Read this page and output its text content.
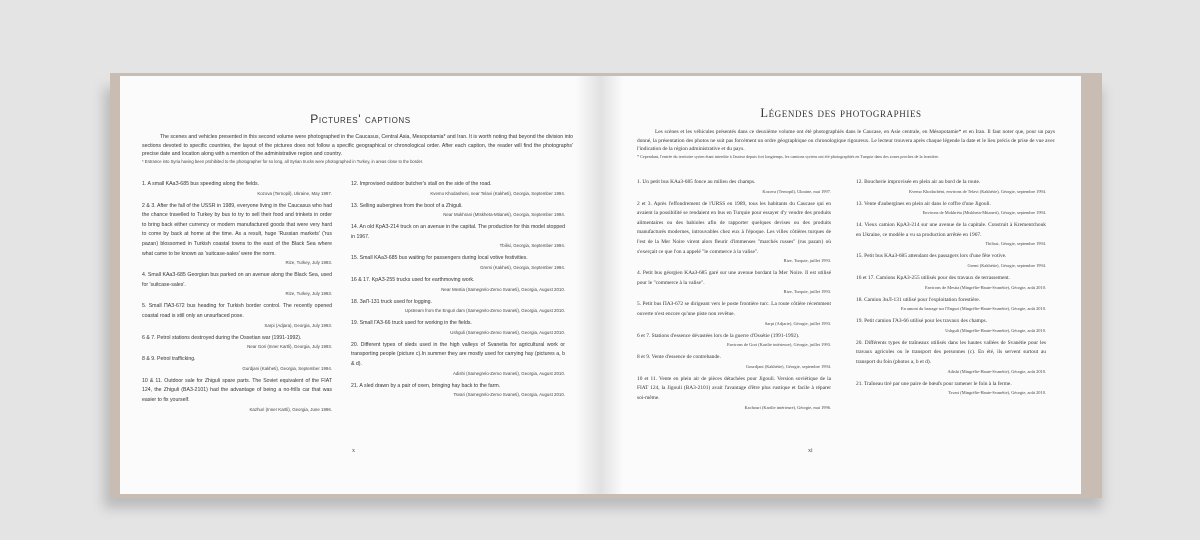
Pictures' captions
The scenes and vehicles presented in this second volume were photographed in the Caucasus, Central Asia, Mesopotamia* and Iran. It is worth noting that beyond the division into sections devoted to specific countries, the layout of the pictures does not follow a specific geographical or chronological order. After each caption, the reader will find the photographs' precise date and location along with a mention of the administrative region and country.
* Entrance into Syria having been prohibited to the photographer for so long, all Syrian trucks were photographed in Turkey, in areas close to the border.
1. A small KAaЗ-685 bus speeding along the fields.
Kozova (Ternopil), Ukraine, May 1997.
2 & 3. After the fall of the USSR in 1989, everyone living in the Caucasus who had the chance travelled to Turkey by bus to try to sell their food and trinkets in order to bring back either currency or modern manufactured goods that were very hard to come by back at home at the time. As a result, huge 'Russian markets' ('rus pazarı) blossomed in Turkish coastal towns to the east of the Black Sea where what came to be known as 'suitcase-sales' were the norm.
Rize, Turkey, July 1993.
4. Small KAaЗ-685 Georgian bus parked on an avenue along the Black Sea, used for 'suitcase-sales'.
Rize, Turkey, July 1993.
5. Small ПАЗ-672 bus heading for Turkish border control. The recently opened coastal road is still only an unsurfaced pose.
Sarpi (Adjara), Georgia, July 1993.
6 & 7. Petrol stations destroyed during the Ossetian war (1991-1992).
Near Gori (Inner Kartli), Georgia, July 1993.
8 & 9. Petrol trafficking.
Gurdjani (Kakheti), Georgia, September 1994.
10 & 11. Outdoor sale for Zhiguli spare parts. The Soviet equivalent of the FIAT 124, the Zhiguli (BA3-2101) had the advantage of being a no-frills car that was easier to fix yourself.
Kazhuri (Inner Kartli), Georgia, June 1996.
12. Improvised outdoor butcher's stall on the side of the road.
Kvemo Khodasheni, near Telavi (Kakheti), Georgia, September 1994.
13. Selling aubergines from the boot of a Zhiguli.
Near Mukhrani (Mtskheta-Mtianeti), Georgia, September 1994.
14. An old KpAЗ-214 truck on an avenue in the capital. The production for this model stopped in 1967.
Tbilisi, Georgia, September 1994.
15. Small KAaЗ-685 bus waiting for passengers during local votive festivities.
Gremi (Kakheti), Georgia, September 1994.
16 & 17. KpAЗ-255 trucks used for earthmoving work.
Near Mestia (Samegrelo-Zemo Svaneti), Georgia, August 2010.
18. ЗиЛ-131 truck used for logging.
Upstream from the Enguri dam (Samegrelo-Zemo Svaneti), Georgia, August 2010.
19. Small ГАЗ-66 truck used for working in the fields.
Ushguli (Samegrelo-Zemo Svaneti), Georgia, August 2010.
20. Different types of sleds used in the high valleys of Svanetia for agricultural work or transporting people (picture c).In summer they are mostly used for carrying hay (pictures a, b & d).
Adishi (Samegrelo-Zemo Svaneti), Georgia, August 2010.
21. A sled drawn by a pair of oxen, bringing hay back to the farm.
Tsvari (Samegrelo-Zemo Svaneti), Georgia, August 2010.
x
Légendes des photographies
Les scènes et les véhicules présentés dans ce deuxième volume ont été photographiés dans le Caucase, en Asie centrale, en Mésopotamie* et en Iran. Il faut noter que, pour un pays donné, la présentation des photos ne suit pas forcément un ordre géographique ou chronologique rigoureux. Le lecteur trouvera après chaque légende la date et le lieu précis de prise de vue avec l'indication de la région administrative et du pays.
* Cependant, l'entrée du territoire syrien étant interdite à l'auteur depuis fort longtemps, les camions syriens ont été photographiés en Turquie dans des zones proches de la frontière.
1. Un petit bus KAaЗ-685 fonce au milieu des champs.
Kozova (Ternopil), Ukraine, mai 1997.
2 et 3. Après l'effondrement de l'URSS en 1989, tous les habitants du Caucase qui en avaient la possibilité se rendaient en bus en Turquie pour essayer d'y vendre des produits alimentaires ou des babioles afin de rapporter quelques devises ou des produits manufacturés modernes, introuvables chez eux à l'époque. Les villes côtières turques de l'est de la Mer Noire virent alors fleurir d'immenses "marchés russes" (rus pazarı) où s'exerçait ce que l'on a appelé "le commerce à la valise".
Rize, Turquie, juillet 1993.
4. Petit bus géorgien KAaЗ-685 garé sur une avenue bordant la Mer Noire. Il est utilisé pour le "commerce à la valise".
Rize, Turquie, juillet 1993.
5. Petit bus ПАЗ-672 se dirigeant vers le poste frontière turc. La route côtière récemment ouverte n'est encore qu'une piste non revêtue.
Sarpi (Adjarie), Géorgie, juillet 1993.
6 et 7. Stations d'essence dévastées lors de la guerre d'Ossétie (1991-1992).
Environs de Gori (Kartlie intérieure), Géorgie, juillet 1993.
8 et 9. Vente d'essence de contrebande.
Gourdjani (Kakhétie), Géorgie, septembre 1994.
10 et 11. Vente en plein air de pièces détachées pour Jigouli. Version soviétique de la FIAT 124, la Jigouli (BA3-2101) avait l'avantage d'être plus rustique et facile à réparer soi-même.
Kachouri (Kartlie intérieure), Géorgie, mai 1996.
12. Boucherie improvisée en plein air au bord de la route.
Kvemo Khodachéni, environs de Telavi (Kakhétie), Géorgie, septembre 1994.
13. Vente d'aubergines en plein air dans le coffre d'une Jigouli.
Environs de Mokhréta (Mtskheta-Mtianeti), Géorgie, septembre 1994.
14. Vieux camion KpAЗ-214 sur une avenue de la capitale. Construit à Krementchouk en Ukraine, ce modèle a vu sa production arrêtée en 1967.
Tbilissi, Géorgie, septembre 1994.
15. Petit bus KAaЗ-685 attendant des passagers lors d'une fête votive.
Gremi (Kakhétie), Géorgie, septembre 1994.
16 et 17. Camions KpAЗ-255 utilisés pour des travaux de terrassement.
Environs de Mestia (Mingrélie-Haute-Svanétie), Géorgie, août 2010.
18. Camion ЗиЛ-131 utilisé pour l'exploitation forestière.
En amont du barrage sur l'Enguri (Mingrélie-Haute-Svanétie), Géorgie, août 2010.
19. Petit camion ГАЗ-66 utilisé pour les travaux des champs.
Ushguli (Mingrélie-Haute-Svanétie), Géorgie, août 2010.
20. Différents types de traîneaux utilisés dans les hautes vallées de Svanétie pour les travaux agricoles ou le transport des personnes (c). En été, ils servent surtout au transport du foin (photos a, b et d).
Adishi (Mingrélie-Haute-Svanétie), Géorgie, août 2010.
21. Traîneau tiré par une paire de bœufs pour ramener le foin à la ferme.
Tsvari (Mingrélie-Haute-Svanétie), Géorgie, août 2010.
xi
